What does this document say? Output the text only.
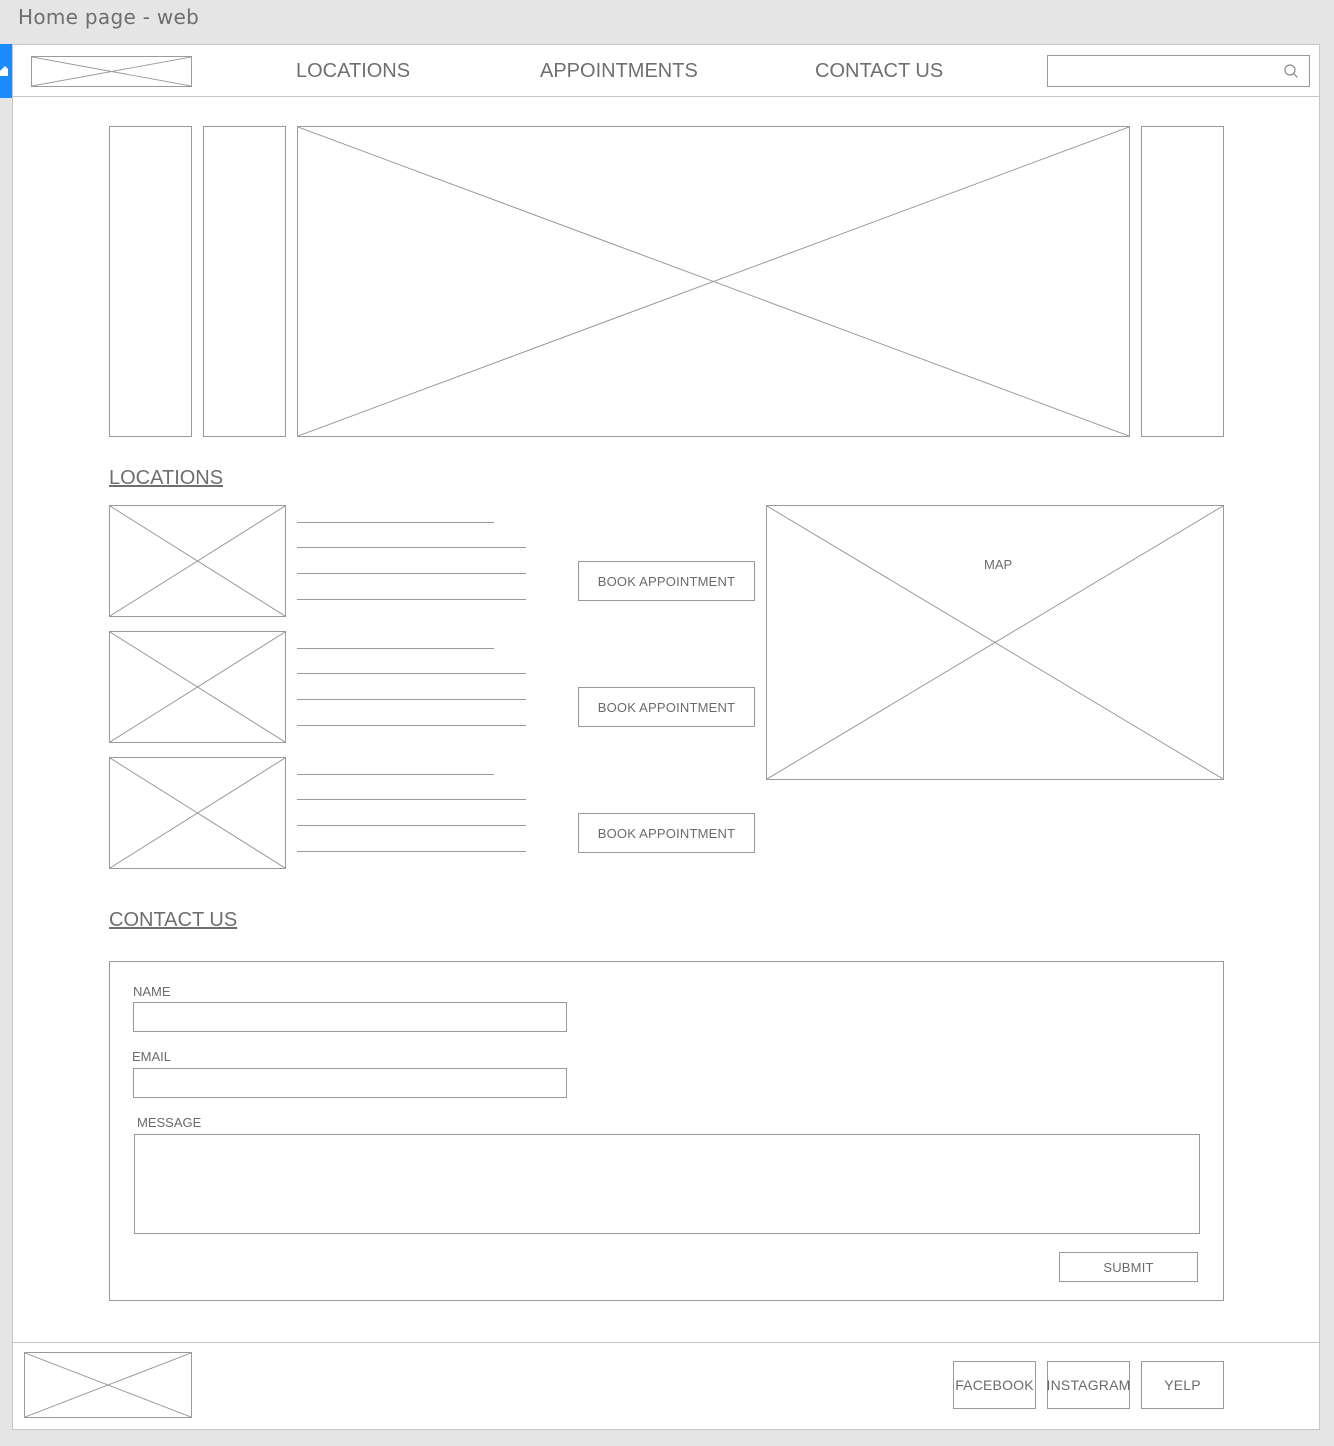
Home page - web
LOCATIONS	APPOINTMENTS	CONTACT US
LOCATIONS
BOOK APPOINTMENT
BOOK APPOINTMENT
BOOK APPOINTMENT
MAP
CONTACT US
NAME
EMAIL
MESSAGE
SUBMIT
FACEBOOK INSTAGRAM	YELP
